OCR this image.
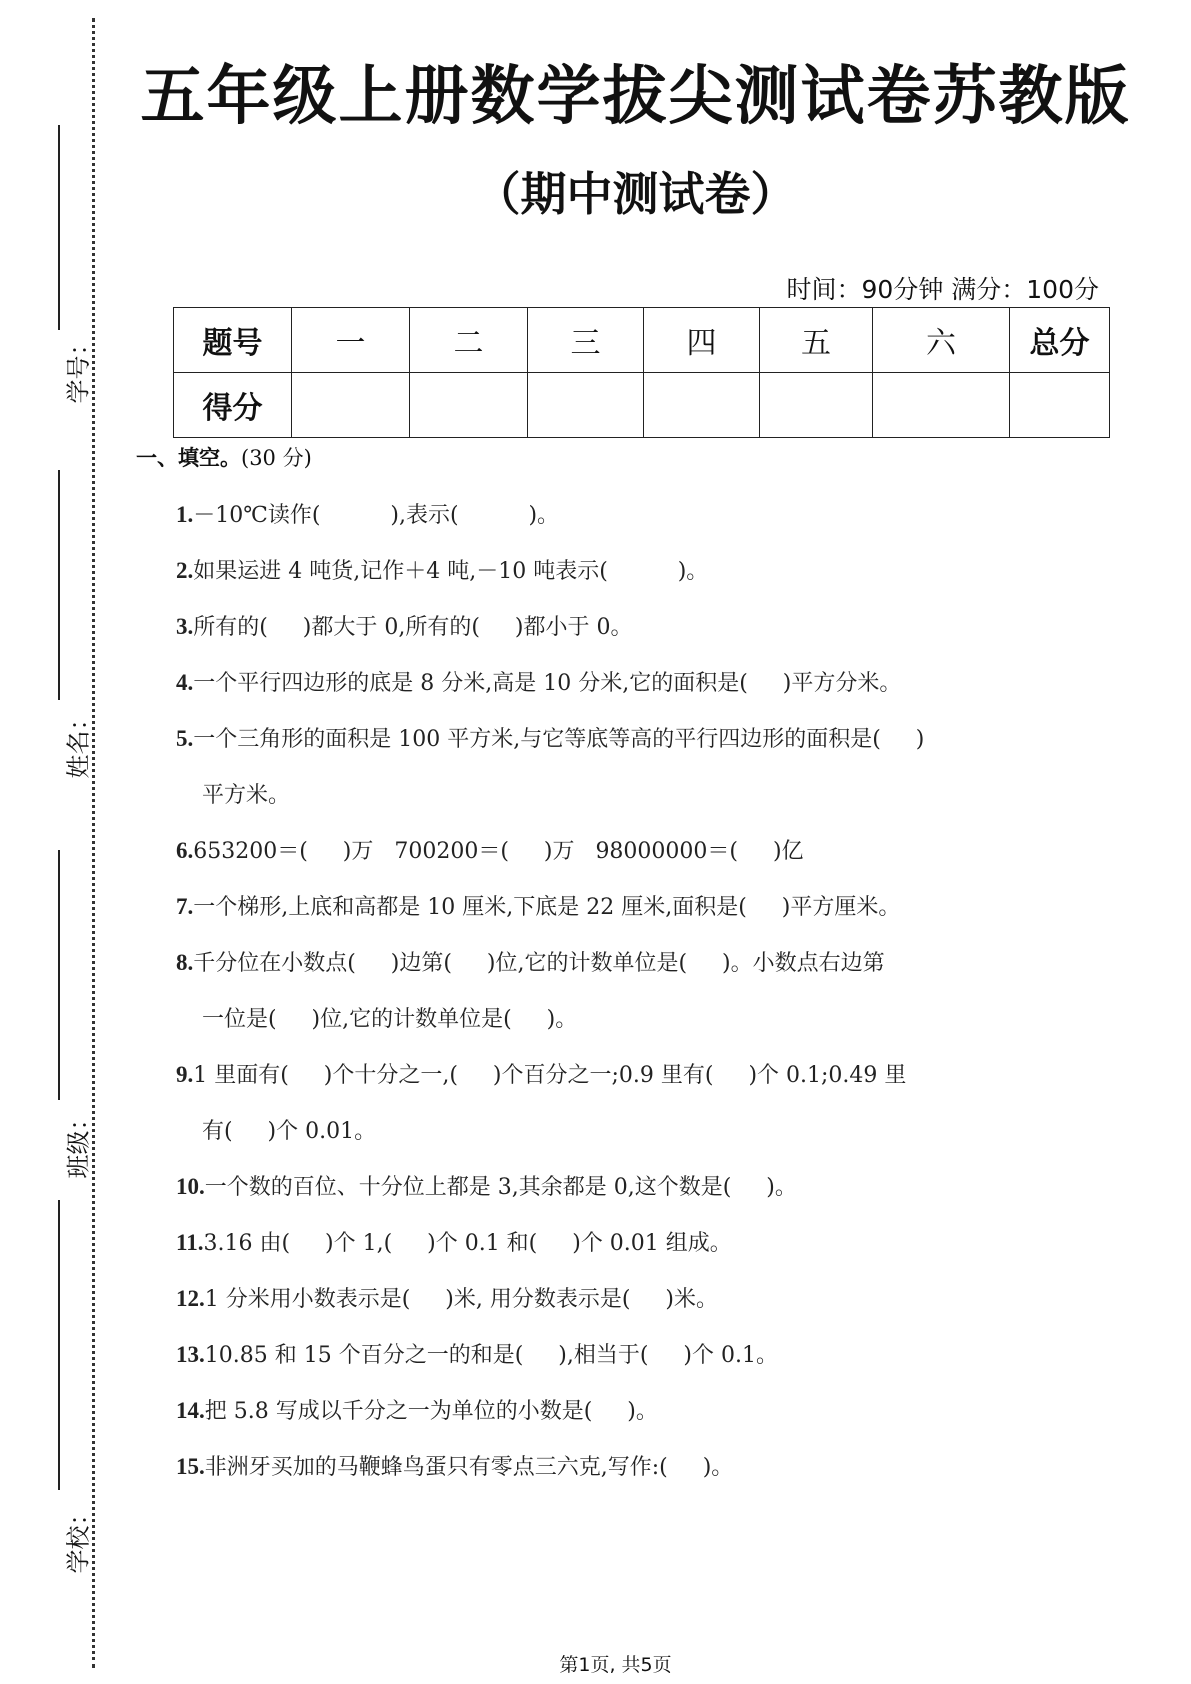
学号：
姓名：
班级：
学校：
五年级上册数学拔尖测试卷苏教版
（期中测试卷）
时间：90分钟 满分：100分
题号	一	二	三	四	五	六	总分
得分							
一、填空。(30 分)
1.－10℃读作(          ),表示(          )。
2.如果运进 4 吨货,记作＋4 吨,－10 吨表示(          )。
3.所有的(     )都大于 0,所有的(     )都小于 0。
4.一个平行四边形的底是 8 分米,高是 10 分米,它的面积是(     )平方分米。
5.一个三角形的面积是 100 平方米,与它等底等高的平行四边形的面积是(     )
平方米。
6.653200＝(     )万   700200＝(     )万   98000000＝(     )亿
7.一个梯形,上底和高都是 10 厘米,下底是 22 厘米,面积是(     )平方厘米。
8.千分位在小数点(     )边第(     )位,它的计数单位是(     )。小数点右边第
一位是(     )位,它的计数单位是(     )。
9.1 里面有(     )个十分之一,(     )个百分之一;0.9 里有(     )个 0.1;0.49 里
有(     )个 0.01。
10.一个数的百位、十分位上都是 3,其余都是 0,这个数是(     )。
11.3.16 由(     )个 1,(     )个 0.1 和(     )个 0.01 组成。
12.1 分米用小数表示是(     )米, 用分数表示是(     )米。
13.10.85 和 15 个百分之一的和是(     ),相当于(     )个 0.1。
14.把 5.8 写成以千分之一为单位的小数是(     )。
15.非洲牙买加的马鞭蜂鸟蛋只有零点三六克,写作:(     )。
第1页, 共5页
